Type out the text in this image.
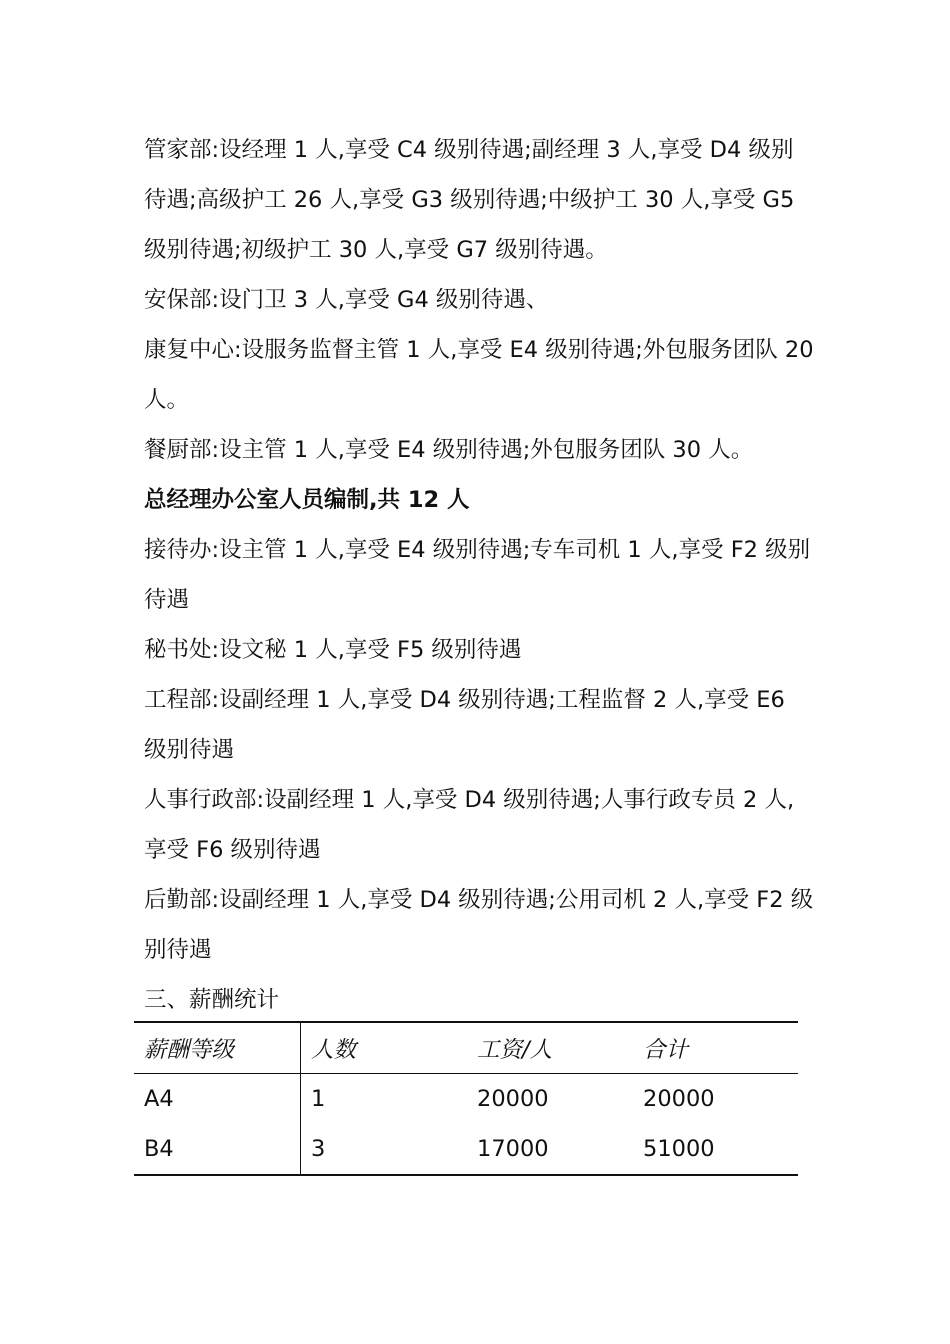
管家部:设经理 1 人,享受 C4 级别待遇;副经理 3 人,享受 D4 级别待遇;高级护工 26 人,享受 G3 级别待遇;中级护工 30 人,享受 G5 级别待遇;初级护工 30 人,享受 G7 级别待遇。

安保部:设门卫 3 人,享受 G4 级别待遇、

康复中心:设服务监督主管 1 人,享受 E4 级别待遇;外包服务团队 20 人。

餐厨部:设主管 1 人,享受 E4 级别待遇;外包服务团队 30 人。

总经理办公室人员编制,共 12 人

接待办:设主管 1 人,享受 E4 级别待遇;专车司机 1 人,享受 F2 级别待遇

秘书处:设文秘 1 人,享受 F5 级别待遇

工程部:设副经理 1 人,享受 D4 级别待遇;工程监督 2 人,享受 E6 级别待遇

人事行政部:设副经理 1 人,享受 D4 级别待遇;人事行政专员 2 人,享受 F6 级别待遇

后勤部:设副经理 1 人,享受 D4 级别待遇;公用司机 2 人,享受 F2 级别待遇

三、薪酬统计

薪酬等级	人数	工资/人	合计
A4	1	20000	20000
B4	3	17000	51000
